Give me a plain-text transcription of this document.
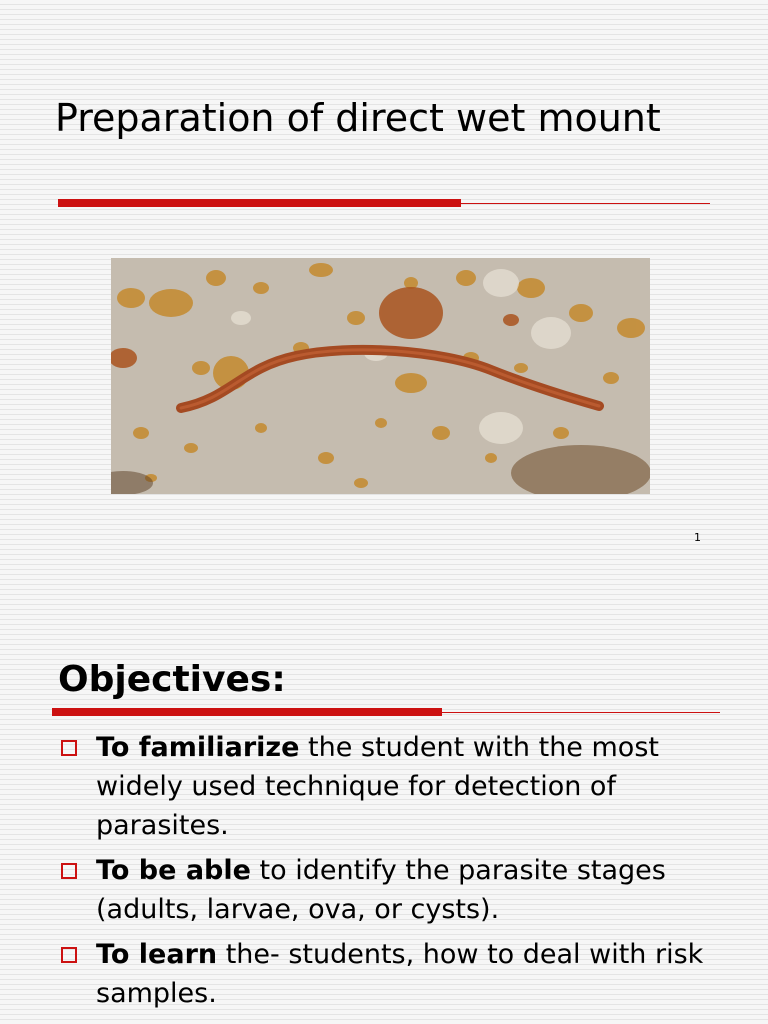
Preparation of direct wet mount
1
Objectives:
To familiarize the student with the most widely used technique for detection of parasites.
To be able to identify the parasite stages (adults, larvae, ova, or cysts).
To learn the- students, how to deal with risk samples.
